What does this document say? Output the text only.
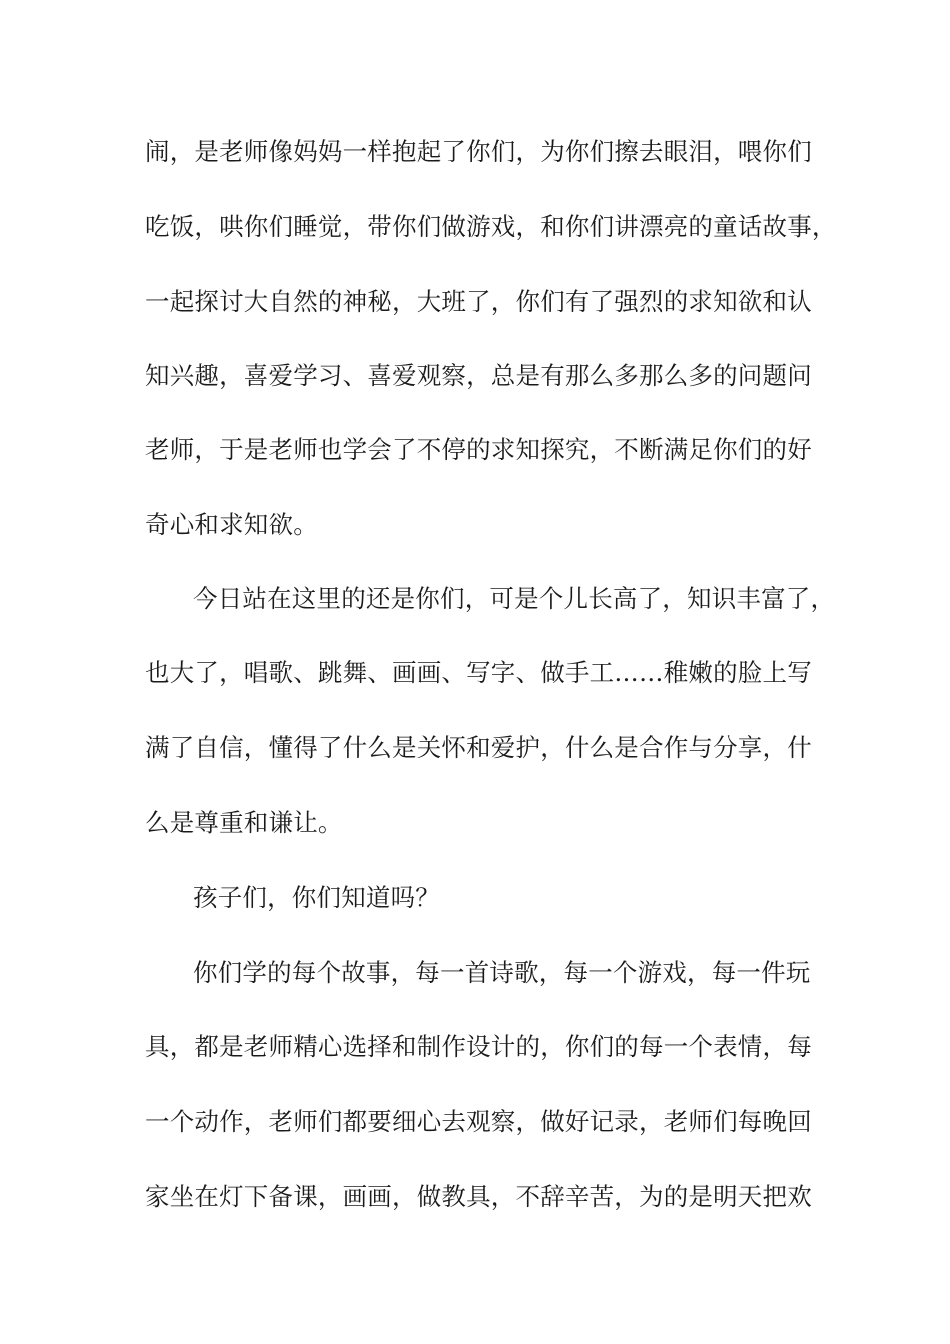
闹，是老师像妈妈一样抱起了你们，为你们擦去眼泪，喂你们
吃饭，哄你们睡觉，带你们做游戏，和你们讲漂亮的童话故事，
一起探讨大自然的神秘，大班了，你们有了强烈的求知欲和认
知兴趣，喜爱学习、喜爱观察，总是有那么多那么多的问题问
老师，于是老师也学会了不停的求知探究，不断满足你们的好
奇心和求知欲。
今日站在这里的还是你们，可是个儿长高了，知识丰富了，
也大了，唱歌、跳舞、画画、写字、做手工……稚嫩的脸上写
满了自信，懂得了什么是关怀和爱护，什么是合作与分享，什
么是尊重和谦让。
孩子们，你们知道吗？
你们学的每个故事，每一首诗歌，每一个游戏，每一件玩
具，都是老师精心选择和制作设计的，你们的每一个表情，每
一个动作，老师们都要细心去观察，做好记录，老师们每晚回
家坐在灯下备课，画画，做教具，不辞辛苦，为的是明天把欢
